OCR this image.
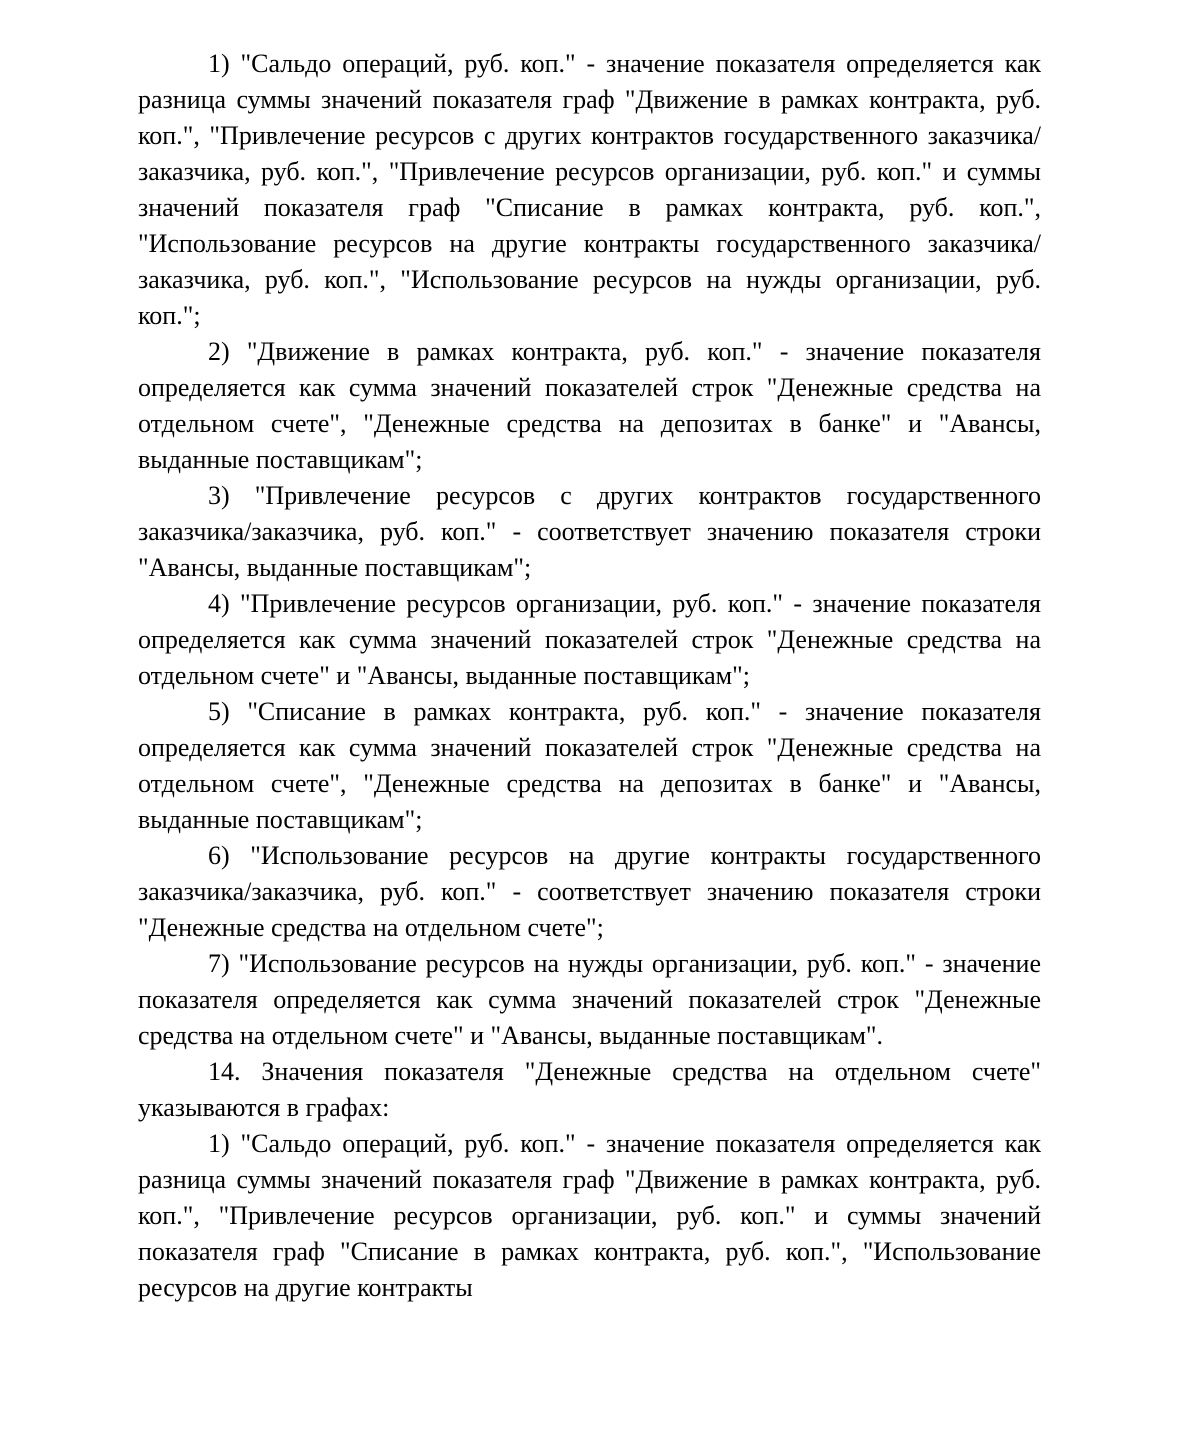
1) "Сальдо операций, руб. коп." - значение показателя определяется как разница суммы значений показателя граф "Движение в рамках контракта, руб. коп.", "Привлечение ресурсов с других контрактов государственного заказчика/заказчика, руб. коп.", "Привлечение ресурсов организации, руб. коп." и суммы значений показателя граф "Списание в рамках контракта, руб. коп.", "Использование ресурсов на другие контракты государственного заказчика/заказчика, руб. коп.", "Использование ресурсов на нужды организации, руб. коп.";

2) "Движение в рамках контракта, руб. коп." - значение показателя определяется как сумма значений показателей строк "Денежные средства на отдельном счете", "Денежные средства на депозитах в банке" и "Авансы, выданные поставщикам";

3) "Привлечение ресурсов с других контрактов государственного заказчика/заказчика, руб. коп." - соответствует значению показателя строки "Авансы, выданные поставщикам";

4) "Привлечение ресурсов организации, руб. коп." - значение показателя определяется как сумма значений показателей строк "Денежные средства на отдельном счете" и "Авансы, выданные поставщикам";

5) "Списание в рамках контракта, руб. коп." - значение показателя определяется как сумма значений показателей строк "Денежные средства на отдельном счете", "Денежные средства на депозитах в банке" и "Авансы, выданные поставщикам";

6) "Использование ресурсов на другие контракты государственного заказчика/заказчика, руб. коп." - соответствует значению показателя строки "Денежные средства на отдельном счете";

7) "Использование ресурсов на нужды организации, руб. коп." - значение показателя определяется как сумма значений показателей строк "Денежные средства на отдельном счете" и "Авансы, выданные поставщикам".

14. Значения показателя "Денежные средства на отдельном счете" указываются в графах:

1) "Сальдо операций, руб. коп." - значение показателя определяется как разница суммы значений показателя граф "Движение в рамках контракта, руб. коп.", "Привлечение ресурсов организации, руб. коп." и суммы значений показателя граф "Списание в рамках контракта, руб. коп.", "Использование ресурсов на другие контракты
